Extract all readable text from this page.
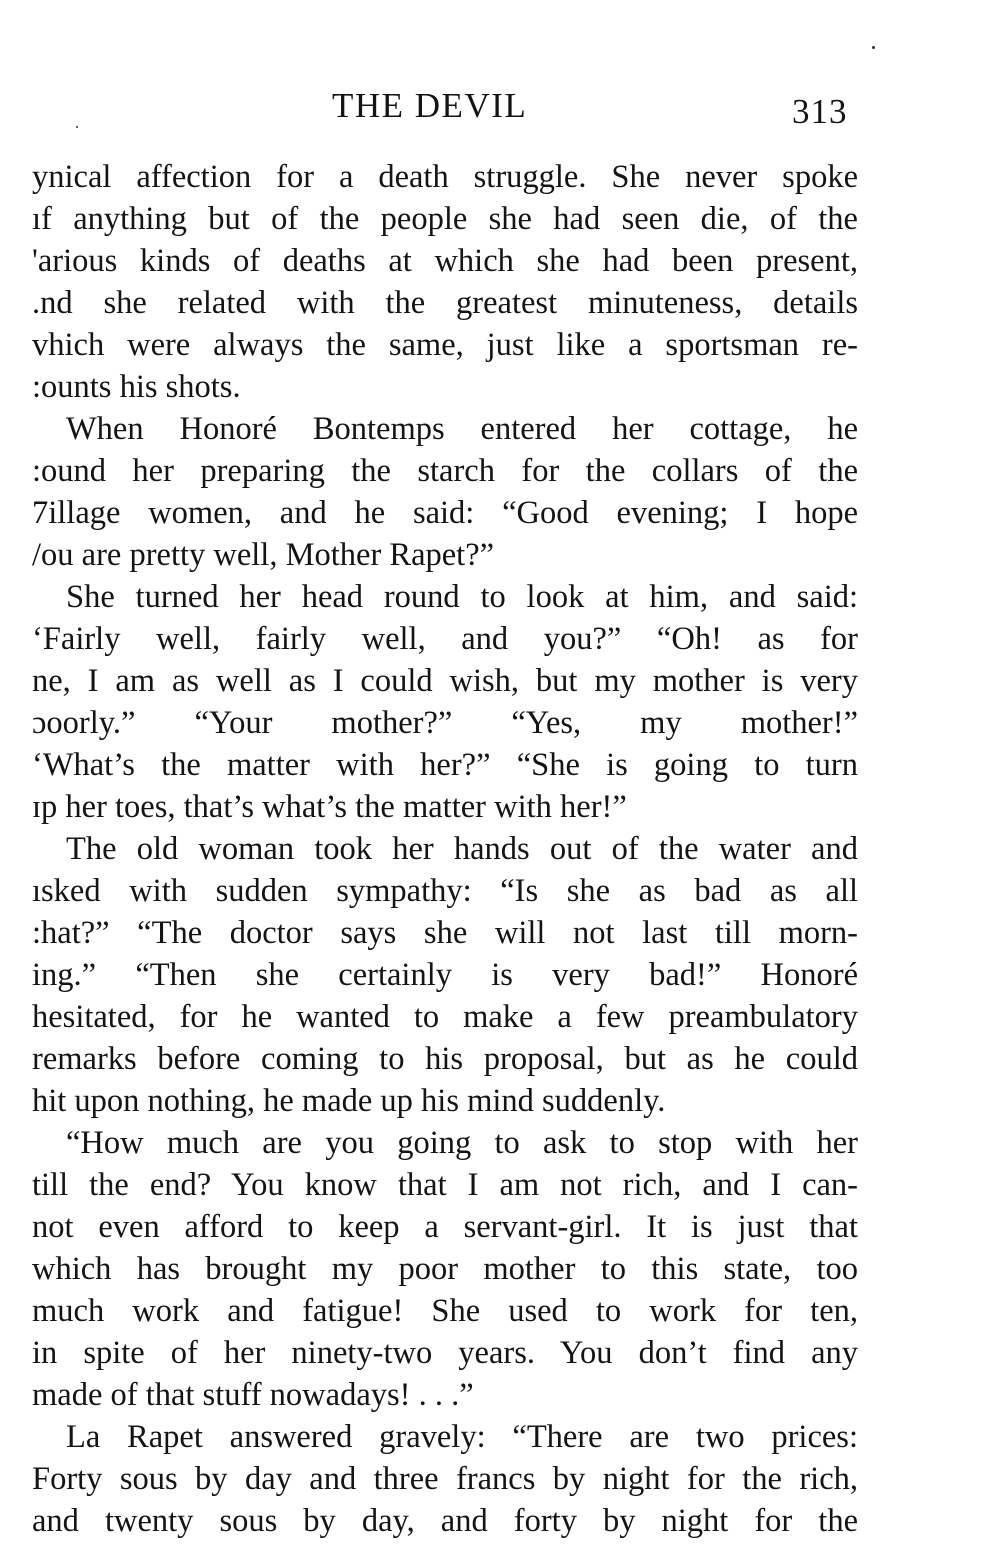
THE DEVIL	313
ynical affection for a death struggle. She never spoke
ıf anything but of the people she had seen die, of the
'arious kinds of deaths at which she had been present,
.nd she related with the greatest minuteness, details
vhich were always the same, just like a sportsman re-
:ounts his shots.
When Honoré Bontemps entered her cottage, he
:ound her preparing the starch for the collars of the
7illage women, and he said: “Good evening; I hope
/ou are pretty well, Mother Rapet?”
She turned her head round to look at him, and said:
‘Fairly well, fairly well, and you?” “Oh! as for
ne, I am as well as I could wish, but my mother is very
ɔoorly.” “Your mother?” “Yes, my mother!”
‘What’s the matter with her?” “She is going to turn
ɪp her toes, that’s what’s the matter with her!”
The old woman took her hands out of the water and
ısked with sudden sympathy: “Is she as bad as all
:hat?” “The doctor says she will not last till morn-
ing.” “Then she certainly is very bad!” Honoré
hesitated, for he wanted to make a few preambulatory
remarks before coming to his proposal, but as he could
hit upon nothing, he made up his mind suddenly.
“How much are you going to ask to stop with her
till the end? You know that I am not rich, and I can-
not even afford to keep a servant-girl. It is just that
which has brought my poor mother to this state, too
much work and fatigue! She used to work for ten,
in spite of her ninety-two years. You don’t find any
made of that stuff nowadays! . . .”
La Rapet answered gravely: “There are two prices:
Forty sous by day and three francs by night for the rich,
and twenty sous by day, and forty by night for the
